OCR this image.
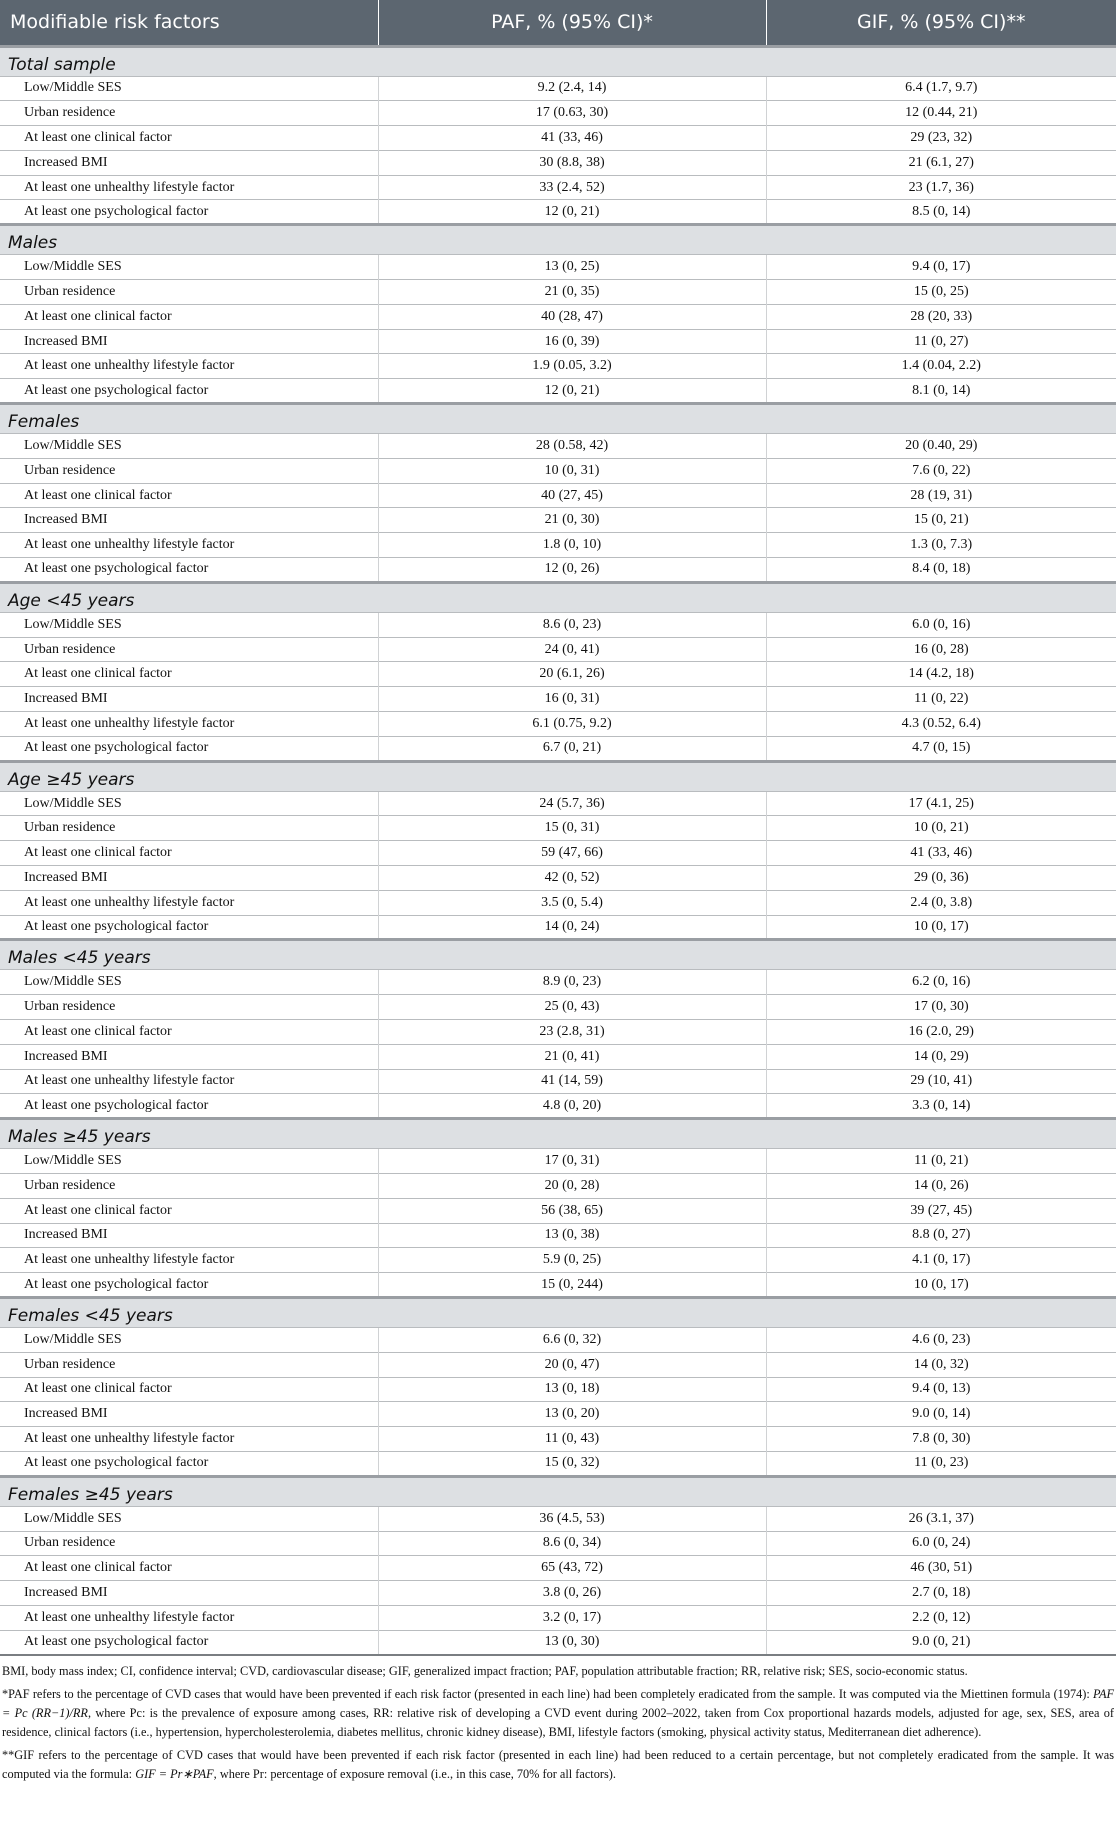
Modifiable risk factors	PAF, % (95% CI)*	GIF, % (95% CI)**
Total sample		
Low/Middle SES	9.2 (2.4, 14)	6.4 (1.7, 9.7)
Urban residence	17 (0.63, 30)	12 (0.44, 21)
At least one clinical factor	41 (33, 46)	29 (23, 32)
Increased BMI	30 (8.8, 38)	21 (6.1, 27)
At least one unhealthy lifestyle factor	33 (2.4, 52)	23 (1.7, 36)
At least one psychological factor	12 (0, 21)	8.5 (0, 14)
Males		
Low/Middle SES	13 (0, 25)	9.4 (0, 17)
Urban residence	21 (0, 35)	15 (0, 25)
At least one clinical factor	40 (28, 47)	28 (20, 33)
Increased BMI	16 (0, 39)	11 (0, 27)
At least one unhealthy lifestyle factor	1.9 (0.05, 3.2)	1.4 (0.04, 2.2)
At least one psychological factor	12 (0, 21)	8.1 (0, 14)
Females		
Low/Middle SES	28 (0.58, 42)	20 (0.40, 29)
Urban residence	10 (0, 31)	7.6 (0, 22)
At least one clinical factor	40 (27, 45)	28 (19, 31)
Increased BMI	21 (0, 30)	15 (0, 21)
At least one unhealthy lifestyle factor	1.8 (0, 10)	1.3 (0, 7.3)
At least one psychological factor	12 (0, 26)	8.4 (0, 18)
Age <45 years		
Low/Middle SES	8.6 (0, 23)	6.0 (0, 16)
Urban residence	24 (0, 41)	16 (0, 28)
At least one clinical factor	20 (6.1, 26)	14 (4.2, 18)
Increased BMI	16 (0, 31)	11 (0, 22)
At least one unhealthy lifestyle factor	6.1 (0.75, 9.2)	4.3 (0.52, 6.4)
At least one psychological factor	6.7 (0, 21)	4.7 (0, 15)
Age ≥45 years		
Low/Middle SES	24 (5.7, 36)	17 (4.1, 25)
Urban residence	15 (0, 31)	10 (0, 21)
At least one clinical factor	59 (47, 66)	41 (33, 46)
Increased BMI	42 (0, 52)	29 (0, 36)
At least one unhealthy lifestyle factor	3.5 (0, 5.4)	2.4 (0, 3.8)
At least one psychological factor	14 (0, 24)	10 (0, 17)
Males <45 years		
Low/Middle SES	8.9 (0, 23)	6.2 (0, 16)
Urban residence	25 (0, 43)	17 (0, 30)
At least one clinical factor	23 (2.8, 31)	16 (2.0, 29)
Increased BMI	21 (0, 41)	14 (0, 29)
At least one unhealthy lifestyle factor	41 (14, 59)	29 (10, 41)
At least one psychological factor	4.8 (0, 20)	3.3 (0, 14)
Males ≥45 years		
Low/Middle SES	17 (0, 31)	11 (0, 21)
Urban residence	20 (0, 28)	14 (0, 26)
At least one clinical factor	56 (38, 65)	39 (27, 45)
Increased BMI	13 (0, 38)	8.8 (0, 27)
At least one unhealthy lifestyle factor	5.9 (0, 25)	4.1 (0, 17)
At least one psychological factor	15 (0, 244)	10 (0, 17)
Females <45 years		
Low/Middle SES	6.6 (0, 32)	4.6 (0, 23)
Urban residence	20 (0, 47)	14 (0, 32)
At least one clinical factor	13 (0, 18)	9.4 (0, 13)
Increased BMI	13 (0, 20)	9.0 (0, 14)
At least one unhealthy lifestyle factor	11 (0, 43)	7.8 (0, 30)
At least one psychological factor	15 (0, 32)	11 (0, 23)
Females ≥45 years		
Low/Middle SES	36 (4.5, 53)	26 (3.1, 37)
Urban residence	8.6 (0, 34)	6.0 (0, 24)
At least one clinical factor	65 (43, 72)	46 (30, 51)
Increased BMI	3.8 (0, 26)	2.7 (0, 18)
At least one unhealthy lifestyle factor	3.2 (0, 17)	2.2 (0, 12)
At least one psychological factor	13 (0, 30)	9.0 (0, 21)

BMI, body mass index; CI, confidence interval; CVD, cardiovascular disease; GIF, generalized impact fraction; PAF, population attributable fraction; RR, relative risk; SES, socio-economic status.

*PAF refers to the percentage of CVD cases that would have been prevented if each risk factor (presented in each line) had been completely eradicated from the sample. It was computed via the Miettinen formula (1974): PAF = Pc (RR−1)/RR, where Pc: is the prevalence of exposure among cases, RR: relative risk of developing a CVD event during 2002–2022, taken from Cox proportional hazards models, adjusted for age, sex, SES, area of residence, clinical factors (i.e., hypertension, hypercholesterolemia, diabetes mellitus, chronic kidney disease), BMI, lifestyle factors (smoking, physical activity status, Mediterranean diet adherence).

**GIF refers to the percentage of CVD cases that would have been prevented if each risk factor (presented in each line) had been reduced to a certain percentage, but not completely eradicated from the sample. It was computed via the formula: GIF = Pr∗PAF, where Pr: percentage of exposure removal (i.e., in this case, 70% for all factors).
